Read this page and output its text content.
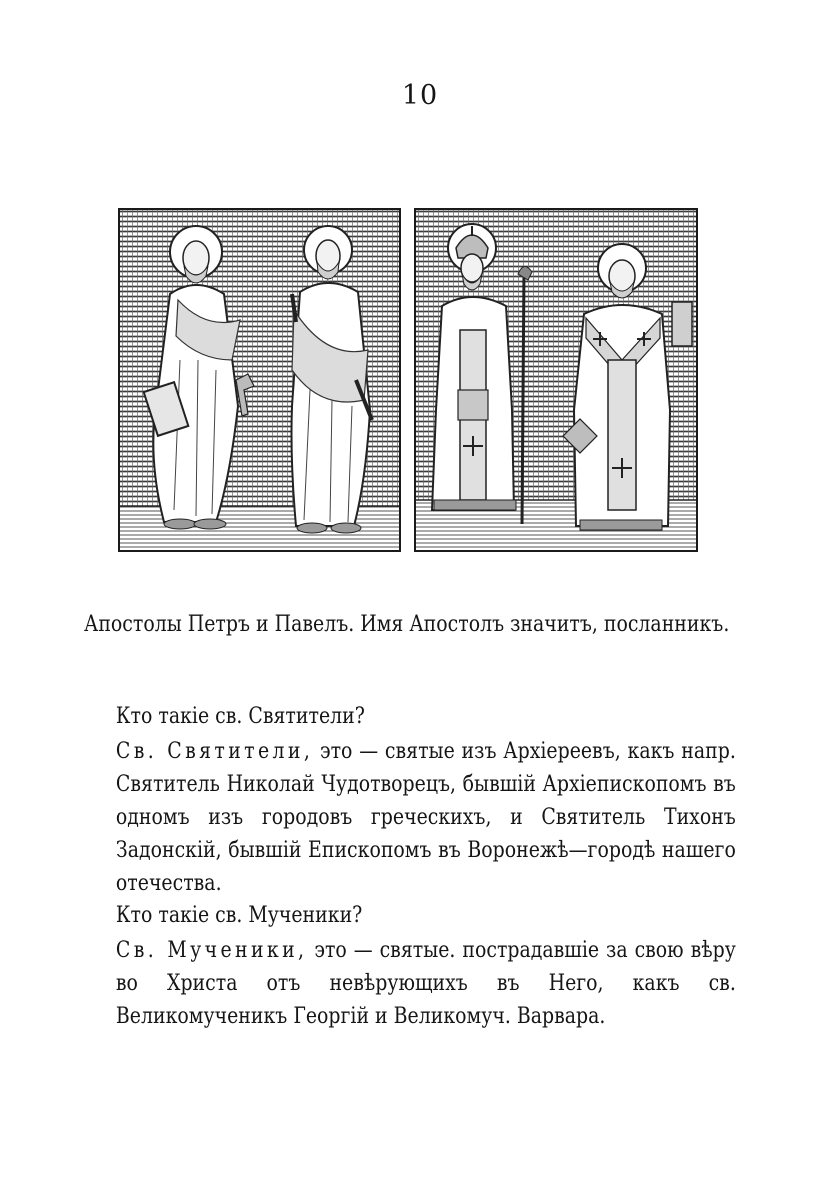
10

Апостолы Петръ и Павелъ. Имя Апостолъ значитъ, посланникъ.

Кто такіе св. Святители?

Св. Святители, это — святые изъ Архіереевъ, какъ напр. Святитель Николай Чудотворецъ, бывшій Архіепископомъ въ одномъ изъ городовъ греческихъ, и Святитель Тихонъ Задонскій, бывшій Епископомъ въ Воронежѣ—городѣ нашего отечества.

Кто такіе св. Мученики?

Св. Мученики, это — святые. пострадавшіе за свою вѣру во Христа отъ невѣрующихъ въ Него, какъ св. Великомученикъ Георгій и Великомуч. Варвара.
